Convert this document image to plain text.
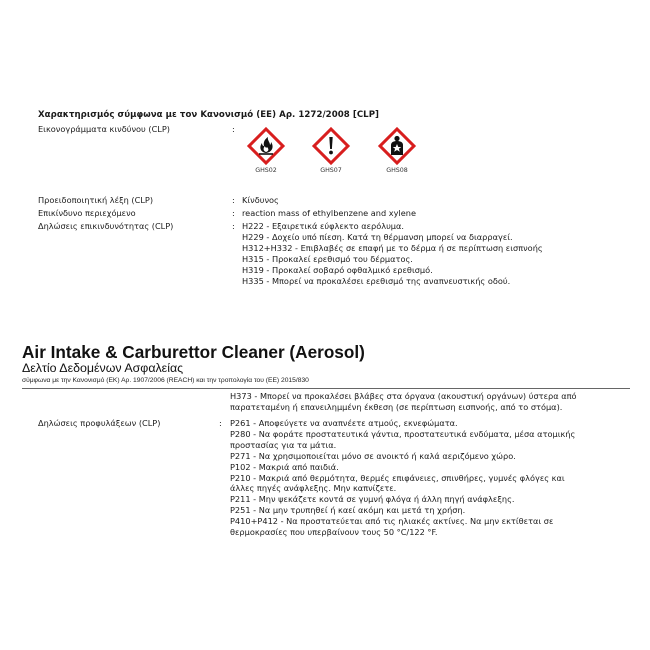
Χαρακτηρισμός σύμφωνα με τον Κανονισμό (ΕΕ) Αρ. 1272/2008 [CLP]
Εικονογράμματα κινδύνου (CLP)	:
GHS02	GHS07	GHS08
Προειδοποιητική λέξη (CLP)	: Κίνδυνος
Επικίνδυνο περιεχόμενο	: reaction mass of ethylbenzene and xylene
Δηλώσεις επικινδυνότητας (CLP)	: H222 - Εξαιρετικά εύφλεκτο αερόλυμα.
H229 - Δοχείο υπό πίεση. Κατά τη θέρμανση μπορεί να διαρραγεί.
H312+H332 - Επιβλαβές σε επαφή με το δέρμα ή σε περίπτωση εισπνοής
H315 - Προκαλεί ερεθισμό του δέρματος.
H319 - Προκαλεί σοβαρό οφθαλμικό ερεθισμό.
H335 - Μπορεί να προκαλέσει ερεθισμό της αναπνευστικής οδού.
Air Intake & Carburettor Cleaner (Aerosol)
Δελτίο Δεδομένων Ασφαλείας
σύμφωνα με την Κανονισμό (ΕΚ) Αρ. 1907/2006 (REACH) και την τροπολογία του (ΕΕ) 2015/830
H373 - Μπορεί να προκαλέσει βλάβες στα όργανα (ακουστική οργάνων) ύστερα από
παρατεταμένη ή επανειλημμένη έκθεση (σε περίπτωση εισπνοής, από το στόμα).
Δηλώσεις προφυλάξεων (CLP)	: P261 - Αποφεύγετε να αναπνέετε ατμούς, εκνεφώματα.
P280 - Να φοράτε προστατευτικά γάντια, προστατευτικά ενδύματα, μέσα ατομικής
προστασίας για τα μάτια.
P271 - Να χρησιμοποιείται μόνο σε ανοικτό ή καλά αεριζόμενο χώρο.
P102 - Μακριά από παιδιά.
P210 - Μακριά από θερμότητα, θερμές επιφάνειες, σπινθήρες, γυμνές φλόγες και
άλλες πηγές ανάφλεξης. Μην καπνίζετε.
P211 - Μην ψεκάζετε κοντά σε γυμνή φλόγα ή άλλη πηγή ανάφλεξης.
P251 - Να μην τρυπηθεί ή καεί ακόμη και μετά τη χρήση.
P410+P412 - Να προστατεύεται από τις ηλιακές ακτίνες. Να μην εκτίθεται σε
θερμοκρασίες που υπερβαίνουν τους 50 °C/122 °F.
